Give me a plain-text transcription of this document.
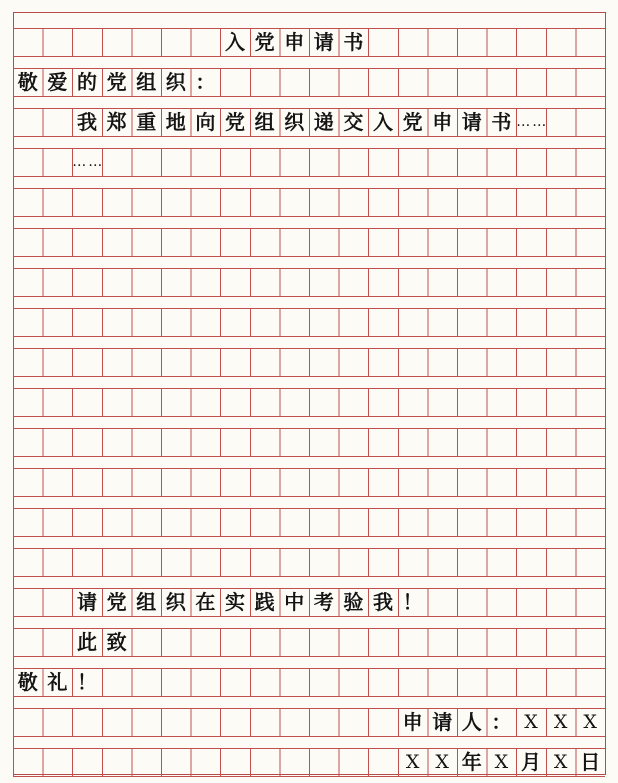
入 党 申 请 书
敬 爱 的 党 组 织 ：
我 郑 重 地 向 党 组 织 递 交 入 党 申 请 书 ……
……
请 党 组 织 在 实 践 中 考 验 我 ！
此 致
敬 礼 ！
申 请 人 ： X X X
X X 年 X 月 X 日
